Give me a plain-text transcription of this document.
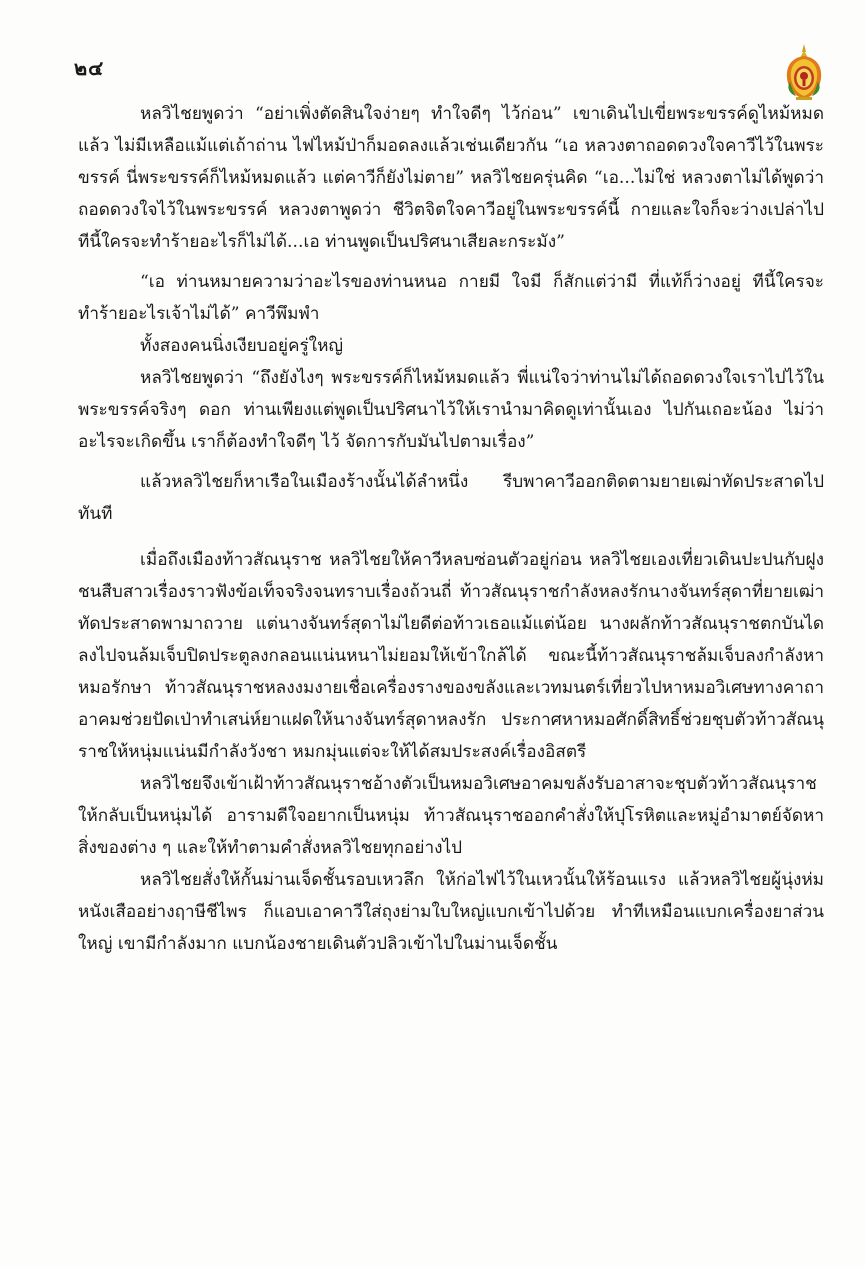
๒๔

หลวิไชยพูดว่า “อย่าเพิ่งตัดสินใจง่ายๆ ทำใจดีๆ ไว้ก่อน” เขาเดินไปเขี่ยพระขรรค์ดูไหม้หมดแล้ว ไม่มีเหลือแม้แต่เถ้าถ่าน ไฟไหม้ป่าก็มอดลงแล้วเช่นเดียวกัน “เอ หลวงตาถอดดวงใจคาวีไว้ในพระขรรค์ นี่พระขรรค์ก็ไหม้หมดแล้ว แต่คาวีก็ยังไม่ตาย” หลวิไชยครุ่นคิด “เอ...ไม่ใช่ หลวงตาไม่ได้พูดว่าถอดดวงใจไว้ในพระขรรค์ หลวงตาพูดว่า ชีวิตจิตใจคาวีอยู่ในพระขรรค์นี้ กายและใจก็จะว่างเปล่าไป ทีนี้ใครจะทำร้ายอะไรก็ไม่ได้...เอ ท่านพูดเป็นปริศนาเสียละกระมัง”

“เอ ท่านหมายความว่าอะไรของท่านหนอ กายมี ใจมี ก็สักแต่ว่ามี ที่แท้ก็ว่างอยู่ ทีนี้ใครจะทำร้ายอะไรเจ้าไม่ได้” คาวีพึมพำ

ทั้งสองคนนิ่งเงียบอยู่ครู่ใหญ่

หลวิไชยพูดว่า “ถึงยังไงๆ พระขรรค์ก็ไหม้หมดแล้ว พี่แน่ใจว่าท่านไม่ได้ถอดดวงใจเราไปไว้ในพระขรรค์จริงๆ ดอก ท่านเพียงแต่พูดเป็นปริศนาไว้ให้เรานำมาคิดดูเท่านั้นเอง ไปกันเถอะน้อง ไม่ว่าอะไรจะเกิดขึ้น เราก็ต้องทำใจดีๆ ไว้ จัดการกับมันไปตามเรื่อง”

แล้วหลวิไชยก็หาเรือในเมืองร้างนั้นได้ลำหนึ่ง รีบพาคาวีออกติดตามยายเฒ่าทัดประสาดไปทันที

เมื่อถึงเมืองท้าวสัณนุราช หลวิไชยให้คาวีหลบซ่อนตัวอยู่ก่อน หลวิไชยเองเที่ยวเดินปะปนกับฝูงชนสืบสาวเรื่องราวฟังข้อเท็จจริงจนทราบเรื่องถ้วนถี่ ท้าวสัณนุราชกำลังหลงรักนางจันทร์สุดาที่ยายเฒ่าทัดประสาดพามาถวาย แต่นางจันทร์สุดาไม่ไยดีต่อท้าวเธอแม้แต่น้อย นางผลักท้าวสัณนุราชตกบันไดลงไปจนล้มเจ็บปิดประตูลงกลอนแน่นหนาไม่ยอมให้เข้าใกล้ได้ ขณะนี้ท้าวสัณนุราชล้มเจ็บลงกำลังหาหมอรักษา ท้าวสัณนุราชหลงงมงายเชื่อเครื่องรางของขลังและเวทมนตร์เที่ยวไปหาหมอวิเศษทางคาถาอาคมช่วยปัดเป่าทำเสน่ห์ยาแฝดให้นางจันทร์สุดาหลงรัก ประกาศหาหมอศักดิ์สิทธิ์ช่วยชุบตัวท้าวสัณนุราชให้หนุ่มแน่นมีกำลังวังชา หมกมุ่นแต่จะให้ได้สมประสงค์เรื่องอิสตรี

หลวิไชยจึงเข้าเฝ้าท้าวสัณนุราชอ้างตัวเป็นหมอวิเศษอาคมขลังรับอาสาจะชุบตัวท้าวสัณนุราชให้กลับเป็นหนุ่มได้ อารามดีใจอยากเป็นหนุ่ม ท้าวสัณนุราชออกคำสั่งให้ปุโรหิตและหมู่อำมาตย์จัดหาสิ่งของต่าง ๆ และให้ทำตามคำสั่งหลวิไชยทุกอย่างไป

หลวิไชยสั่งให้กั้นม่านเจ็ดชั้นรอบเหวลึก ให้ก่อไฟไว้ในเหวนั้นให้ร้อนแรง แล้วหลวิไชยผู้นุ่งห่มหนังเสืออย่างฤาษีชีไพร ก็แอบเอาคาวีใส่ถุงย่ามใบใหญ่แบกเข้าไปด้วย ทำทีเหมือนแบกเครื่องยาส่วนใหญ่ เขามีกำลังมาก แบกน้องชายเดินตัวปลิวเข้าไปในม่านเจ็ดชั้น
